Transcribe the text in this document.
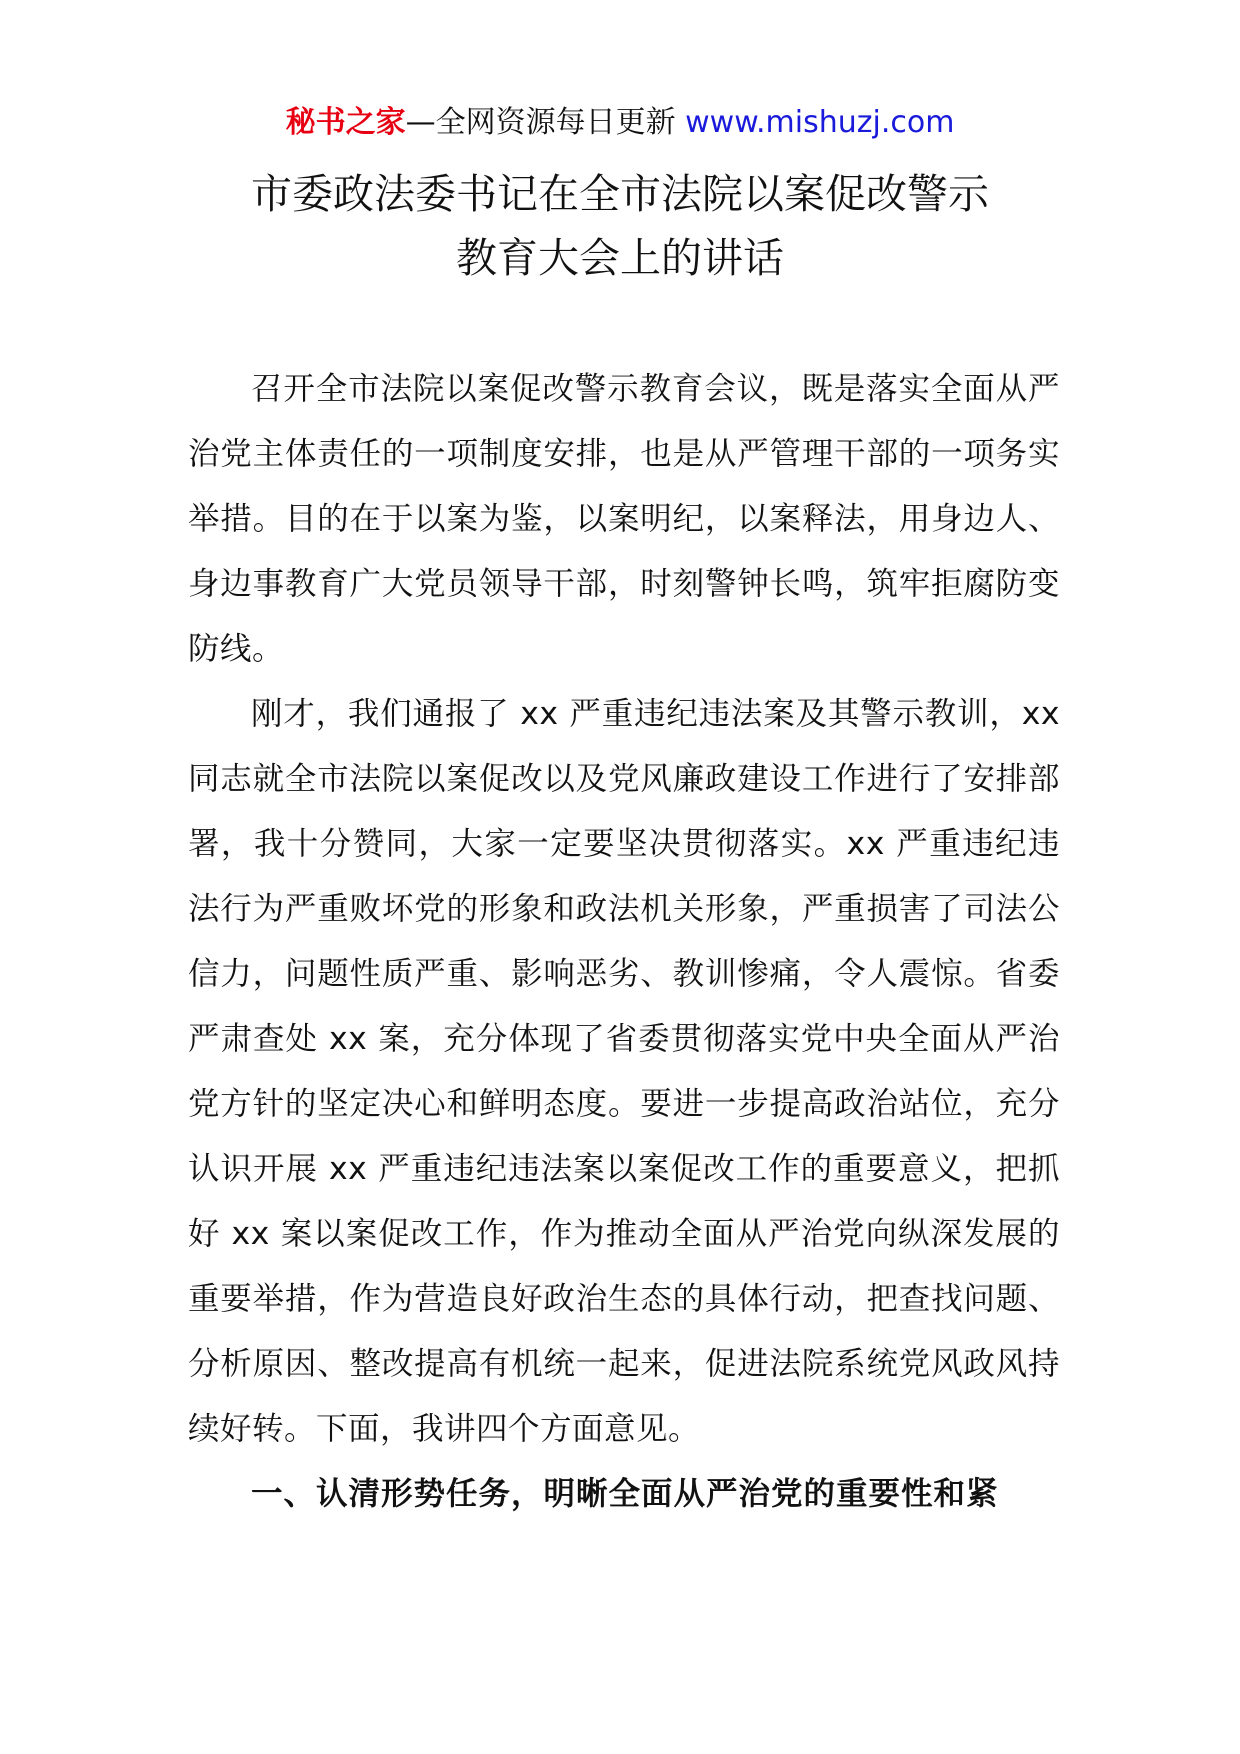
秘书之家—全网资源每日更新 www.mishuzj.com
市委政法委书记在全市法院以案促改警示
教育大会上的讲话

召开全市法院以案促改警示教育会议，既是落实全面从严治党主体责任的一项制度安排，也是从严管理干部的一项务实举措。目的在于以案为鉴，以案明纪，以案释法，用身边人、身边事教育广大党员领导干部，时刻警钟长鸣，筑牢拒腐防变防线。

刚才，我们通报了 xx 严重违纪违法案及其警示教训，xx 同志就全市法院以案促改以及党风廉政建设工作进行了安排部署，我十分赞同，大家一定要坚决贯彻落实。xx 严重违纪违法行为严重败坏党的形象和政法机关形象，严重损害了司法公信力，问题性质严重、影响恶劣、教训惨痛，令人震惊。省委严肃查处 xx 案，充分体现了省委贯彻落实党中央全面从严治党方针的坚定决心和鲜明态度。要进一步提高政治站位，充分认识开展 xx 严重违纪违法案以案促改工作的重要意义，把抓好 xx 案以案促改工作，作为推动全面从严治党向纵深发展的重要举措，作为营造良好政治生态的具体行动，把查找问题、分析原因、整改提高有机统一起来，促进法院系统党风政风持续好转。下面，我讲四个方面意见。

一、认清形势任务，明晰全面从严治党的重要性和紧
